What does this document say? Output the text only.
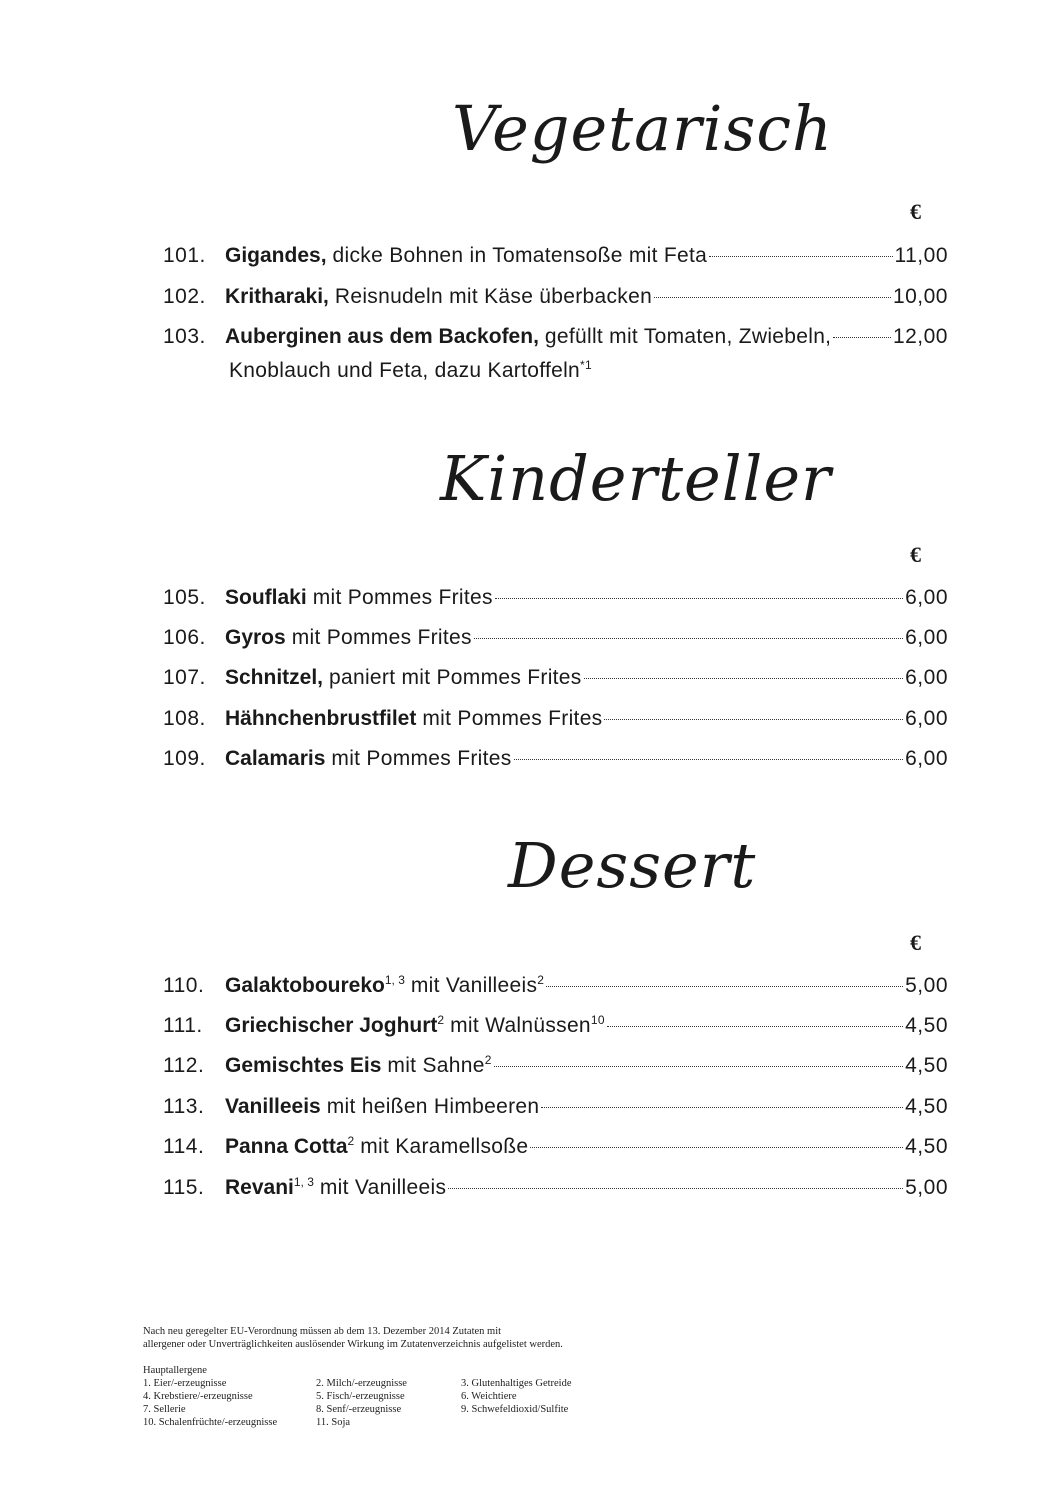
Vegetarisch
€
101. Gigandes, dicke Bohnen in Tomatensoße mit Feta	11,00
102. Kritharaki, Reisnudeln mit Käse überbacken	10,00
103. Auberginen aus dem Backofen, gefüllt mit Tomaten, Zwiebeln,	12,00
Knoblauch und Feta, dazu Kartoffeln$^{*1}$
Kinderteller
€
105. Souflaki mit Pommes Frites	6,00
106. Gyros mit Pommes Frites	6,00
107. Schnitzel, paniert mit Pommes Frites	6,00
108. Hähnchenbrustfilet mit Pommes Frites	6,00
109. Calamaris mit Pommes Frites	6,00
Dessert
€
110. Galaktoboureko$^{1, 3}$ mit Vanilleeis$^2$	5,00
111.	Griechischer Joghurt$^2$ mit Walnüssen$^{10}$	4,50
112. Gemischtes Eis mit Sahne$^2$	4,50
113. Vanilleeis mit heißen Himbeeren	4,50
114. Panna Cotta$^2$ mit Karamellsoße	4,50
115. Revani$^{1, 3}$ mit Vanilleeis	5,00

Nach neu geregelter EU-Verordnung müssen ab dem 13. Dezember 2014 Zutaten mit

allergener oder Unverträglichkeiten auslösender Wirkung im Zutatenverzeichnis aufgelistet werden.

Hauptallergene

1. Eier/-erzeugnisse	2. Milch/-erzeugnisse	3. Glutenhaltiges Getreide
4. Krebstiere/-erzeugnisse	5. Fisch/-erzeugnisse	6. Weichtiere
7. Sellerie	8. Senf/-erzeugnisse	9. Schwefeldioxid/Sulfite
10. Schalenfrüchte/-erzeugnisse	11. Soja
